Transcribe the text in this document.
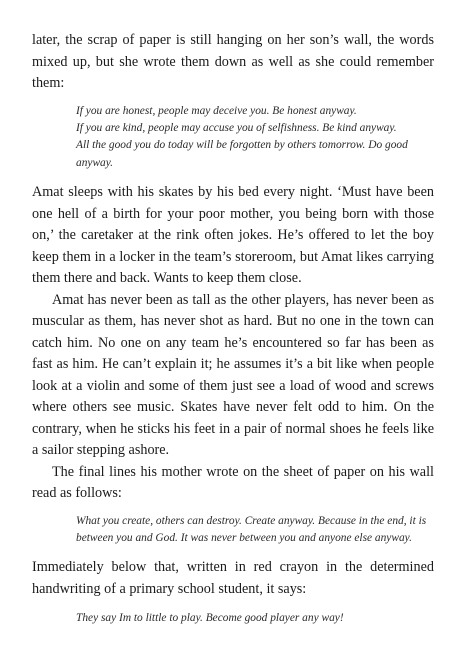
later, the scrap of paper is still hanging on her son’s wall, the words mixed up, but she wrote them down as well as she could remember them:

If you are honest, people may deceive you. Be honest anyway.
If you are kind, people may accuse you of selfishness. Be kind anyway.
All the good you do today will be forgotten by others tomorrow. Do good anyway.

Amat sleeps with his skates by his bed every night. ‘Must have been one hell of a birth for your poor mother, you being born with those on,’ the caretaker at the rink often jokes. He’s offered to let the boy keep them in a locker in the team’s storeroom, but Amat likes carrying them there and back. Wants to keep them close.

Amat has never been as tall as the other players, has never been as muscular as them, has never shot as hard. But no one in the town can catch him. No one on any team he’s encountered so far has been as fast as him. He can’t explain it; he assumes it’s a bit like when people look at a violin and some of them just see a load of wood and screws where others see music. Skates have never felt odd to him. On the contrary, when he sticks his feet in a pair of normal shoes he feels like a sailor stepping ashore.

The final lines his mother wrote on the sheet of paper on his wall read as follows:

What you create, others can destroy. Create anyway. Because in the end, it is between you and God. It was never between you and anyone else anyway.

Immediately below that, written in red crayon in the determined handwriting of a primary school student, it says:

They say Im to little to play. Become good player any way!
